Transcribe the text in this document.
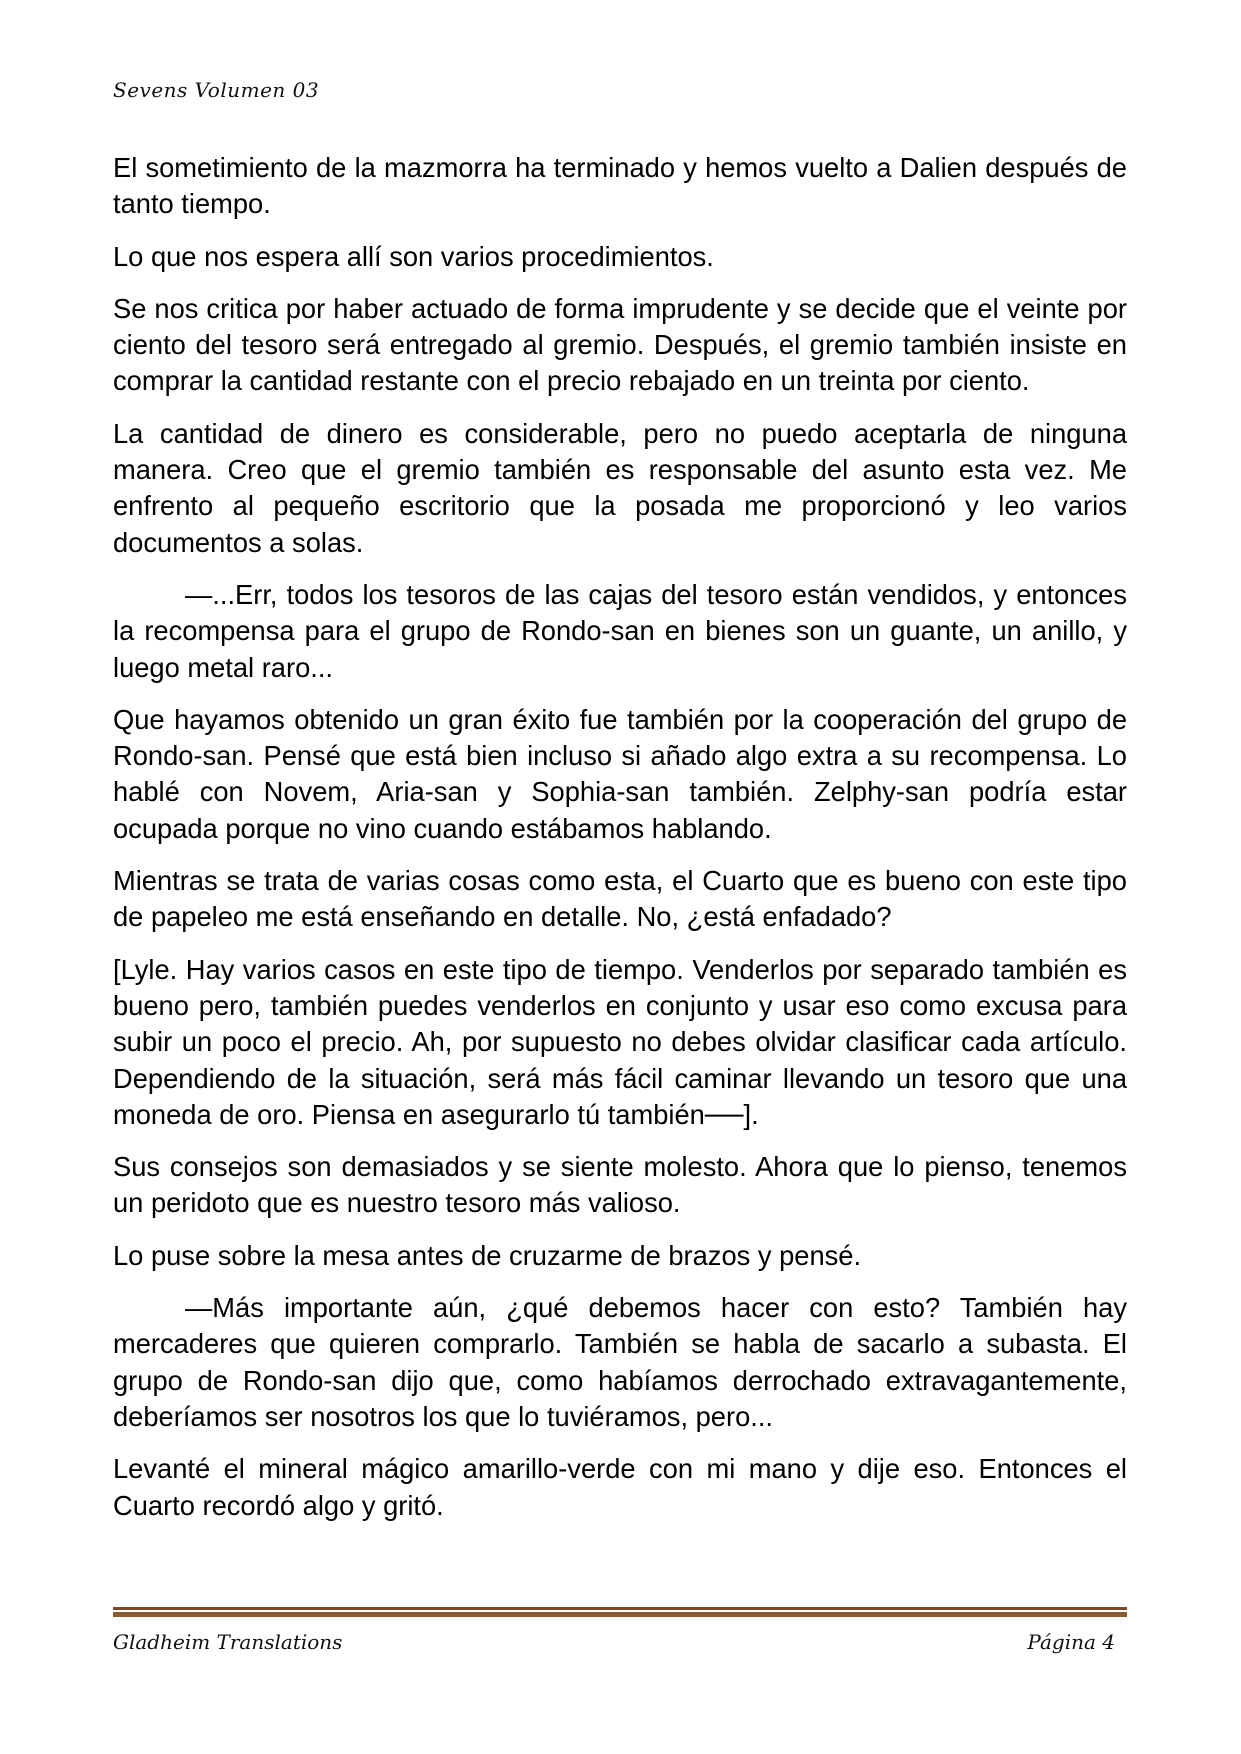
Sevens Volumen 03

El sometimiento de la mazmorra ha terminado y hemos vuelto a Dalien después de tanto tiempo.

Lo que nos espera allí son varios procedimientos.

Se nos critica por haber actuado de forma imprudente y se decide que el veinte por ciento del tesoro será entregado al gremio. Después, el gremio también insiste en comprar la cantidad restante con el precio rebajado en un treinta por ciento.

La cantidad de dinero es considerable, pero no puedo aceptarla de ninguna manera. Creo que el gremio también es responsable del asunto esta vez. Me enfrento al pequeño escritorio que la posada me proporcionó y leo varios documentos a solas.

—...Err, todos los tesoros de las cajas del tesoro están vendidos, y entonces la recompensa para el grupo de Rondo-san en bienes son un guante, un anillo, y luego metal raro...

Que hayamos obtenido un gran éxito fue también por la cooperación del grupo de Rondo-san. Pensé que está bien incluso si añado algo extra a su recompensa. Lo hablé con Novem, Aria-san y Sophia-san también. Zelphy-san podría estar ocupada porque no vino cuando estábamos hablando.

Mientras se trata de varias cosas como esta, el Cuarto que es bueno con este tipo de papeleo me está enseñando en detalle. No, ¿está enfadado?

[Lyle. Hay varios casos en este tipo de tiempo. Venderlos por separado también es bueno pero, también puedes venderlos en conjunto y usar eso como excusa para subir un poco el precio. Ah, por supuesto no debes olvidar clasificar cada artículo. Dependiendo de la situación, será más fácil caminar llevando un tesoro que una moneda de oro. Piensa en asegurarlo tú también──].

Sus consejos son demasiados y se siente molesto. Ahora que lo pienso, tenemos un peridoto que es nuestro tesoro más valioso.

Lo puse sobre la mesa antes de cruzarme de brazos y pensé.

—Más importante aún, ¿qué debemos hacer con esto? También hay mercaderes que quieren comprarlo. También se habla de sacarlo a subasta. El grupo de Rondo-san dijo que, como habíamos derrochado extravagantemente, deberíamos ser nosotros los que lo tuviéramos, pero...

Levanté el mineral mágico amarillo-verde con mi mano y dije eso. Entonces el Cuarto recordó algo y gritó.

Gladheim Translations	Página 4
